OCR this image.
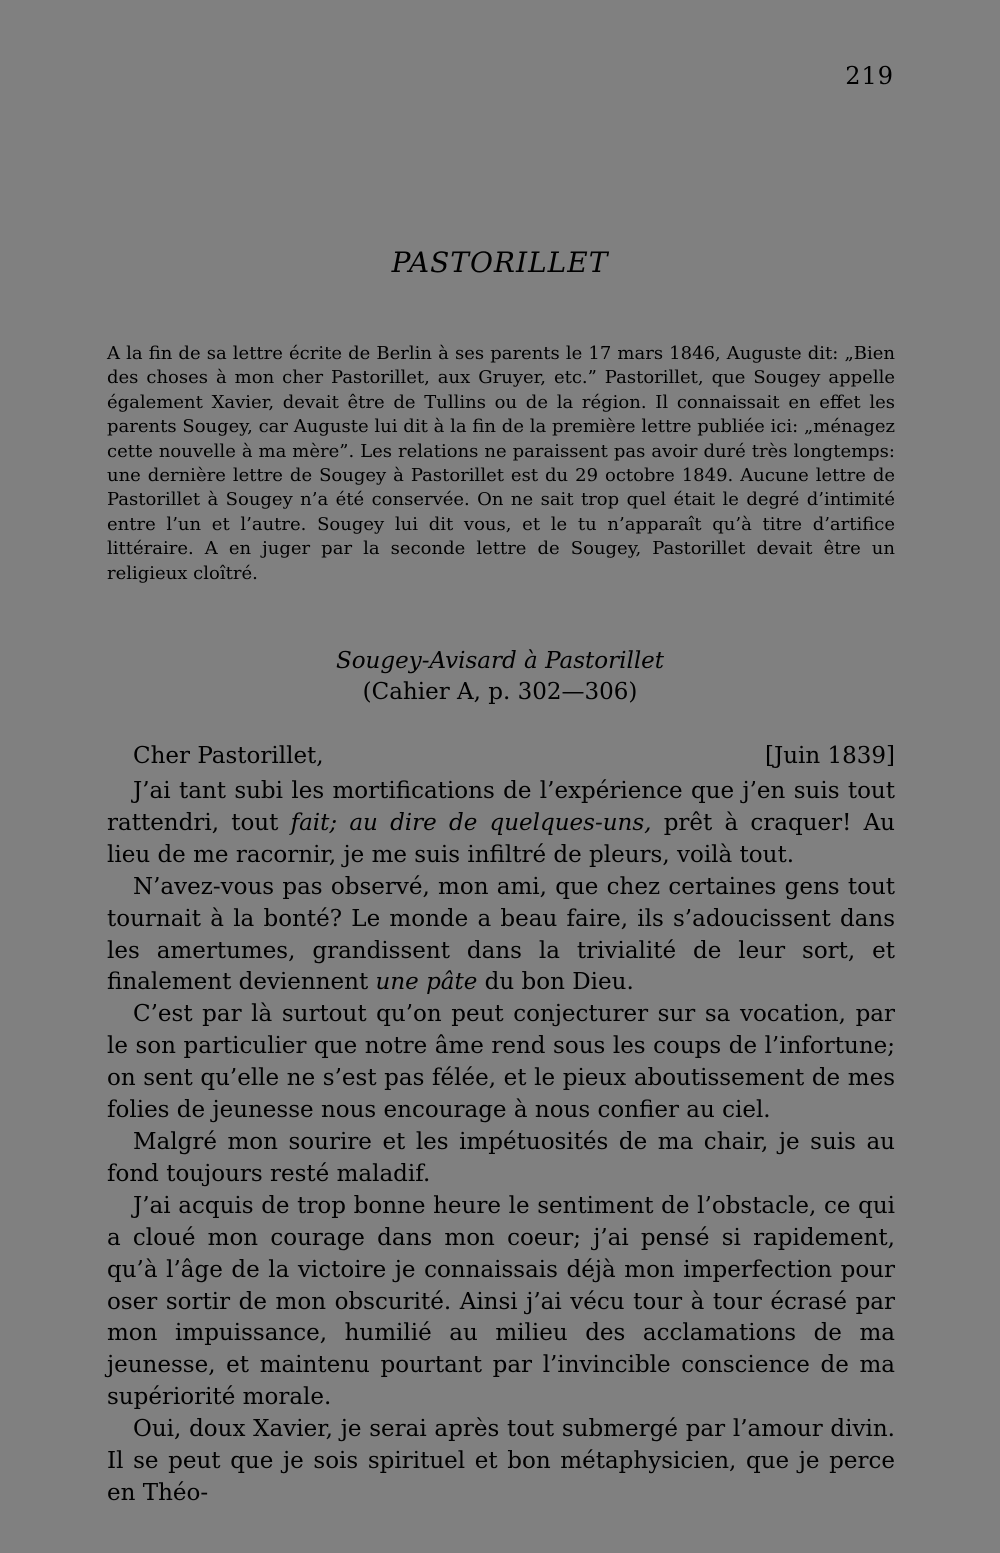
219
PASTORILLET

A la fin de sa lettre écrite de Berlin à ses parents le 17 mars 1846, Auguste dit: „Bien des choses à mon cher Pastorillet, aux Gruyer, etc.” Pastorillet, que Sougey appelle également Xavier, devait être de Tullins ou de la région. Il connaissait en effet les parents Sougey, car Auguste lui dit à la fin de la première lettre publiée ici: „ménagez cette nouvelle à ma mère”. Les relations ne paraissent pas avoir duré très longtemps: une dernière lettre de Sougey à Pastorillet est du 29 octobre 1849. Aucune lettre de Pastorillet à Sougey n’a été conservée. On ne sait trop quel était le degré d’intimité entre l’un et l’autre. Sougey lui dit vous, et le tu n’apparaît qu’à titre d’artifice littéraire. A en juger par la seconde lettre de Sougey, Pastorillet devait être un religieux cloîtré.

Sougey-Avisard à Pastorillet
(Cahier A, p. 302—306)
Cher Pastorillet,	[Juin 1839]

J’ai tant subi les mortifications de l’expérience que j’en suis tout rattendri, tout fait; au dire de quelques-uns, prêt à craquer! Au lieu de me racornir, je me suis infiltré de pleurs, voilà tout.

N’avez-vous pas observé, mon ami, que chez certaines gens tout tournait à la bonté? Le monde a beau faire, ils s’adoucissent dans les amertumes, grandissent dans la trivialité de leur sort, et finalement deviennent une pâte du bon Dieu.

C’est par là surtout qu’on peut conjecturer sur sa vocation, par le son particulier que notre âme rend sous les coups de l’infortune; on sent qu’elle ne s’est pas félée, et le pieux aboutissement de mes folies de jeunesse nous encourage à nous confier au ciel.

Malgré mon sourire et les impétuosités de ma chair, je suis au fond toujours resté maladif.

J’ai acquis de trop bonne heure le sentiment de l’obstacle, ce qui a cloué mon courage dans mon coeur; j’ai pensé si rapidement, qu’à l’âge de la victoire je connaissais déjà mon imperfection pour oser sortir de mon obscurité. Ainsi j’ai vécu tour à tour écrasé par mon impuissance, humilié au milieu des acclamations de ma jeunesse, et maintenu pourtant par l’invincible conscience de ma supériorité morale.

Oui, doux Xavier, je serai après tout submergé par l’amour divin. Il se peut que je sois spirituel et bon métaphysicien, que je perce en Théo-
